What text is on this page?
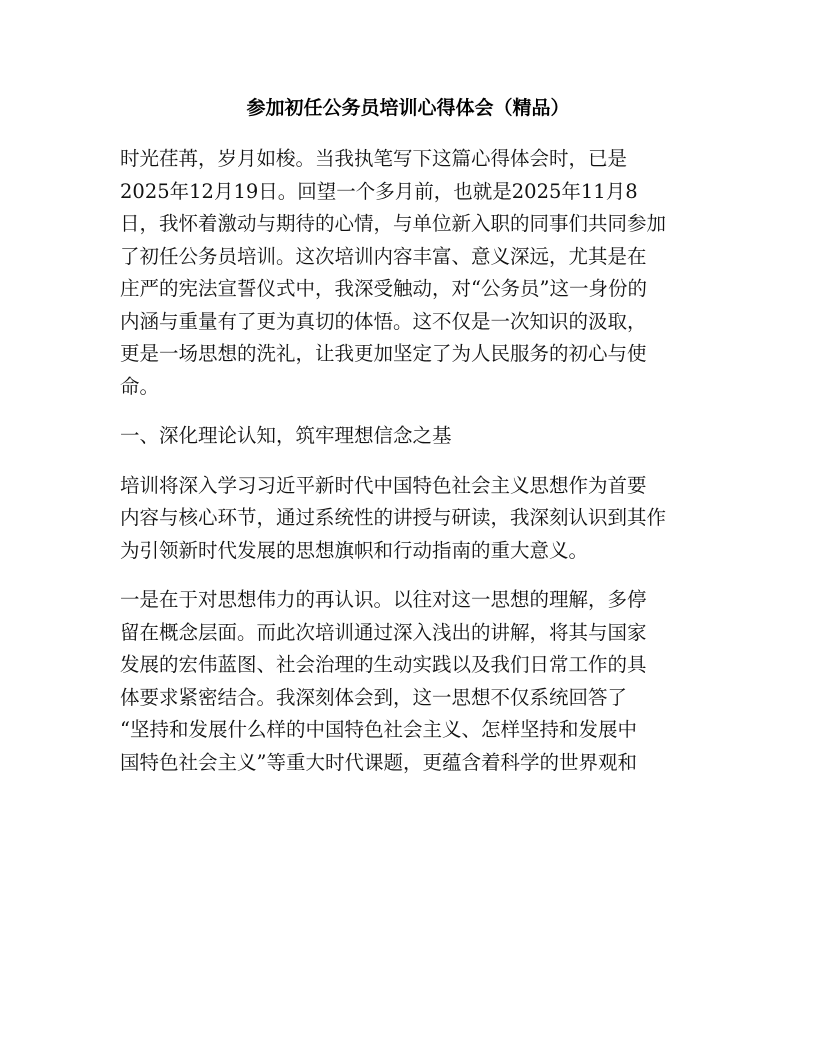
参加初任公务员培训心得体会（精品）

时光荏苒，岁月如梭。当我执笔写下这篇心得体会时，已是
2025年12月19日。回望一个多月前，也就是2025年11月8
日，我怀着激动与期待的心情，与单位新入职的同事们共同参加
了初任公务员培训。这次培训内容丰富、意义深远，尤其是在
庄严的宪法宣誓仪式中，我深受触动，对“公务员”这一身份的
内涵与重量有了更为真切的体悟。这不仅是一次知识的汲取，
更是一场思想的洗礼，让我更加坚定了为人民服务的初心与使
命。

一、深化理论认知，筑牢理想信念之基

培训将深入学习习近平新时代中国特色社会主义思想作为首要
内容与核心环节，通过系统性的讲授与研读，我深刻认识到其作
为引领新时代发展的思想旗帜和行动指南的重大意义。

一是在于对思想伟力的再认识。以往对这一思想的理解，多停
留在概念层面。而此次培训通过深入浅出的讲解，将其与国家
发展的宏伟蓝图、社会治理的生动实践以及我们日常工作的具
体要求紧密结合。我深刻体会到，这一思想不仅系统回答了
“坚持和发展什么样的中国特色社会主义、怎样坚持和发展中
国特色社会主义”等重大时代课题，更蕴含着科学的世界观和
